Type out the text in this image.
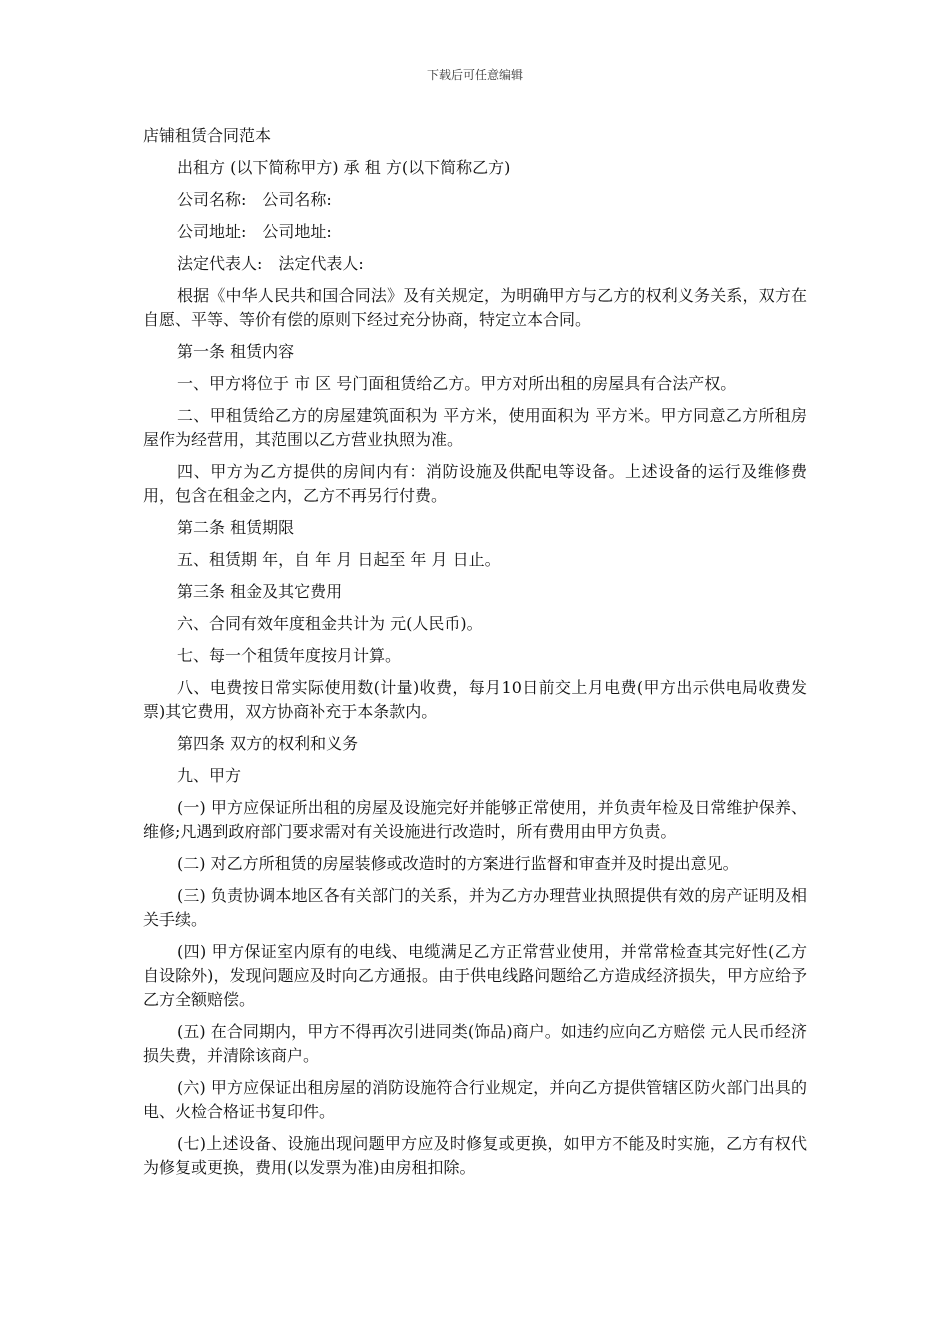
下载后可任意编辑
店铺租赁合同范本

出租方 (以下简称甲方) 承 租 方(以下简称乙方)

公司名称:　公司名称:

公司地址:　公司地址:

法定代表人:　法定代表人:

根据《中华人民共和国合同法》及有关规定，为明确甲方与乙方的权利义务关系，双方在自愿、平等、等价有偿的原则下经过充分协商，特定立本合同。

第一条 租赁内容

一、甲方将位于 市 区 号门面租赁给乙方。甲方对所出租的房屋具有合法产权。

二、甲租赁给乙方的房屋建筑面积为 平方米，使用面积为 平方米。甲方同意乙方所租房屋作为经营用，其范围以乙方营业执照为准。

四、甲方为乙方提供的房间内有：消防设施及供配电等设备。上述设备的运行及维修费用，包含在租金之内，乙方不再另行付费。

第二条 租赁期限

五、租赁期 年，自 年 月 日起至 年 月 日止。

第三条 租金及其它费用

六、合同有效年度租金共计为 元(人民币)。

七、每一个租赁年度按月计算。

八、电费按日常实际使用数(计量)收费，每月10日前交上月电费(甲方出示供电局收费发票)其它费用，双方协商补充于本条款内。

第四条 双方的权利和义务

九、甲方

(一) 甲方应保证所出租的房屋及设施完好并能够正常使用，并负责年检及日常维护保养、维修;凡遇到政府部门要求需对有关设施进行改造时，所有费用由甲方负责。

(二) 对乙方所租赁的房屋装修或改造时的方案进行监督和审查并及时提出意见。

(三) 负责协调本地区各有关部门的关系，并为乙方办理营业执照提供有效的房产证明及相关手续。

(四) 甲方保证室内原有的电线、电缆满足乙方正常营业使用，并常常检查其完好性(乙方自设除外)，发现问题应及时向乙方通报。由于供电线路问题给乙方造成经济损失，甲方应给予乙方全额赔偿。

(五) 在合同期内，甲方不得再次引进同类(饰品)商户。如违约应向乙方赔偿 元人民币经济损失费，并清除该商户。

(六) 甲方应保证出租房屋的消防设施符合行业规定，并向乙方提供管辖区防火部门出具的电、火检合格证书复印件。

(七)上述设备、设施出现问题甲方应及时修复或更换，如甲方不能及时实施，乙方有权代为修复或更换，费用(以发票为准)由房租扣除。
